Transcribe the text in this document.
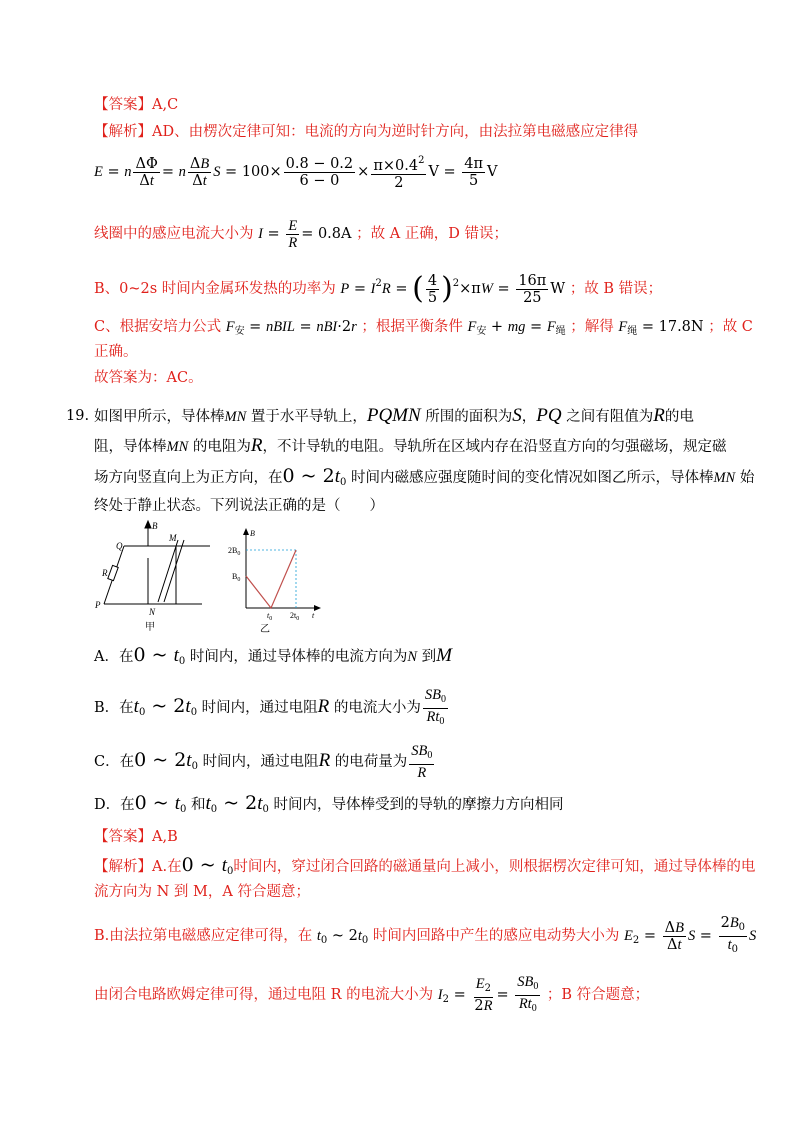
【答案】A,C
【解析】AD、由楞次定律可知：电流的方向为逆时针方向，由法拉第电磁感应定律得
E = n $\frac{\Delta\Phi}{\Delta t} = n \frac{\Delta B}{\Delta t}$ $S = 100\times \frac{0.8 - 0.2}{6 - 0} \times \frac{\pi\times 0.4^2}{2}$ $V = \frac{4\pi}{5}$ V
线圈中的感应电流大小为 $I = \frac{E}{R} = 0.8A$ ；故 A 正确，D 错误；
B、0~2s 时间内金属环发热的功率为 $P = I^2R$ = ( $\frac{4}{5} )^2\times\pi W = \frac{16\pi}{25}$ W ；故 B 错误；
C、根据安培力公式 $F_安$ = nBIL = nBI·2r ；根据平衡条件 $F_安$ + mg = $F_绳$ ；解得 $F_绳 = 17.8N$ ；故 C
正确。
故答案为：AC。
19. 如图甲所示，导体棒MN 置于水平导轨上，PQMN 所围的面积为S，PQ 之间有阻值为R的电
阻，导体棒MN 的电阻为R，不计导轨的电阻。导轨所在区域内存在沿竖直方向的匀强磁场，规定磁
场方向竖直向上为正方向，在0 ~ $2t_0$ 时间内磁感应强度随时间的变化情况如图乙所示，导体棒MN 始
终处于静止状态。下列说法正确的是（　　）
B
Q
M
R
P
N
甲
B
$2B_0$
$B_0$
$t_0$ $2t_0$ t
乙
A．在0 ~ $t_0$ 时间内，通过导体棒的电流方向为N 到M
B．在$t_0$ ~ $2t_0$ 时间内，通过电阻R 的电流大小为 $\frac{SB_0}{Rt_0}$
C．在0 ~ $2t_0$ 时间内，通过电阻R 的电荷量为 $\frac{SB_0}{R}$
D．在0 ~ $t_0$ 和$t_0$ ~ $2t_0$ 时间内，导体棒受到的导轨的摩擦力方向相同
【答案】A,B
【解析】A.在0 ~ $t_0$时间内，穿过闭合回路的磁通量向上减小，则根据楞次定律可知，通过导体棒的电
流方向为 N 到 M，A 符合题意；
B.由法拉第电磁感应定律可得，在 $t_0$ ~ $2t_0$ 时间内回路中产生的感应电动势大小为 $E_2 = \frac{\Delta B}{\Delta t}$ $S = \frac{2B_0}{t_0}$ S
由闭合电路欧姆定律可得，通过电阻 R 的电流大小为 $I_2 = \frac{E_2}{2R} = \frac{SB_0}{Rt_0}$ ；B 符合题意；
